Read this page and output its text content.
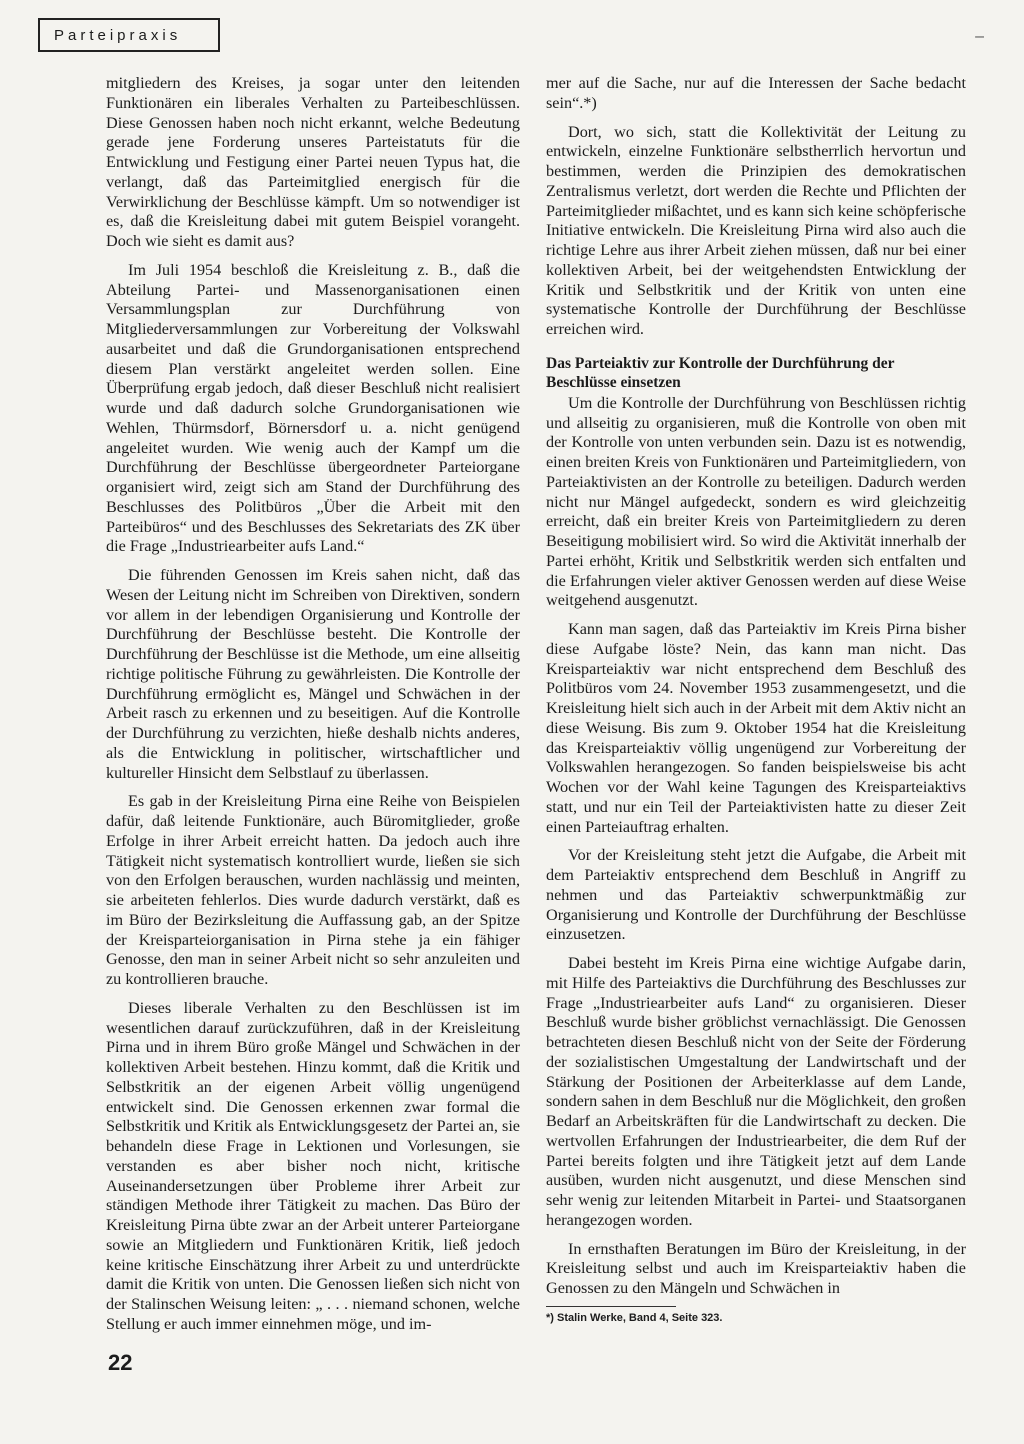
Parteipraxis	–

mitgliedern des Kreises, ja sogar unter den leitenden Funktionären ein liberales Verhalten zu Parteibeschlüssen. Diese Genossen haben noch nicht erkannt, welche Bedeutung gerade jene Forderung unseres Parteistatuts für die Entwicklung und Festigung einer Partei neuen Typus hat, die verlangt, daß das Parteimitglied energisch für die Verwirklichung der Beschlüsse kämpft. Um so notwendiger ist es, daß die Kreisleitung dabei mit gutem Beispiel vorangeht. Doch wie sieht es damit aus?

Im Juli 1954 beschloß die Kreisleitung z. B., daß die Abteilung Partei- und Massenorganisationen einen Versammlungsplan zur Durchführung von Mitgliederversammlungen zur Vorbereitung der Volkswahl ausarbeitet und daß die Grundorganisationen entsprechend diesem Plan verstärkt angeleitet werden sollen. Eine Überprüfung ergab jedoch, daß dieser Beschluß nicht realisiert wurde und daß dadurch solche Grundorganisationen wie Wehlen, Thürmsdorf, Börnersdorf u. a. nicht genügend angeleitet wurden. Wie wenig auch der Kampf um die Durchführung der Beschlüsse übergeordneter Parteiorgane organisiert wird, zeigt sich am Stand der Durchführung des Beschlusses des Politbüros „Über die Arbeit mit den Parteibüros“ und des Beschlusses des Sekretariats des ZK über die Frage „Industriearbeiter aufs Land.“

Die führenden Genossen im Kreis sahen nicht, daß das Wesen der Leitung nicht im Schreiben von Direktiven, sondern vor allem in der lebendigen Organisierung und Kontrolle der Durchführung der Beschlüsse besteht. Die Kontrolle der Durchführung der Beschlüsse ist die Methode, um eine allseitig richtige politische Führung zu gewährleisten. Die Kontrolle der Durchführung ermöglicht es, Mängel und Schwächen in der Arbeit rasch zu erkennen und zu beseitigen. Auf die Kontrolle der Durchführung zu verzichten, hieße deshalb nichts anderes, als die Entwicklung in politischer, wirtschaftlicher und kultureller Hinsicht dem Selbstlauf zu überlassen.

Es gab in der Kreisleitung Pirna eine Reihe von Beispielen dafür, daß leitende Funktionäre, auch Büromitglieder, große Erfolge in ihrer Arbeit erreicht hatten. Da jedoch auch ihre Tätigkeit nicht systematisch kontrolliert wurde, ließen sie sich von den Erfolgen berauschen, wurden nachlässig und meinten, sie arbeiteten fehlerlos. Dies wurde dadurch verstärkt, daß es im Büro der Bezirksleitung die Auffassung gab, an der Spitze der Kreisparteiorganisation in Pirna stehe ja ein fähiger Genosse, den man in seiner Arbeit nicht so sehr anzuleiten und zu kontrollieren brauche.

Dieses liberale Verhalten zu den Beschlüssen ist im wesentlichen darauf zurückzuführen, daß in der Kreisleitung Pirna und in ihrem Büro große Mängel und Schwächen in der kollektiven Arbeit bestehen. Hinzu kommt, daß die Kritik und Selbstkritik an der eigenen Arbeit völlig ungenügend entwickelt sind. Die Genossen erkennen zwar formal die Selbstkritik und Kritik als Entwicklungsgesetz der Partei an, sie behandeln diese Frage in Lektionen und Vorlesungen, sie verstanden es aber bisher noch nicht, kritische Auseinandersetzungen über Probleme ihrer Arbeit zur ständigen Methode ihrer Tätigkeit zu machen. Das Büro der Kreisleitung Pirna übte zwar an der Arbeit unterer Parteiorgane sowie an Mitgliedern und Funktionären Kritik, ließ jedoch keine kritische Einschätzung ihrer Arbeit zu und unterdrückte damit die Kritik von unten. Die Genossen ließen sich nicht von der Stalinschen Weisung leiten: „ . . . niemand schonen, welche Stellung er auch immer einnehmen möge, und im-

mer auf die Sache, nur auf die Interessen der Sache bedacht sein“.*)

Dort, wo sich, statt die Kollektivität der Leitung zu entwickeln, einzelne Funktionäre selbstherrlich hervortun und bestimmen, werden die Prinzipien des demokratischen Zentralismus verletzt, dort werden die Rechte und Pflichten der Parteimitglieder mißachtet, und es kann sich keine schöpferische Initiative entwickeln. Die Kreisleitung Pirna wird also auch die richtige Lehre aus ihrer Arbeit ziehen müssen, daß nur bei einer kollektiven Arbeit, bei der weitgehendsten Entwicklung der Kritik und Selbstkritik und der Kritik von unten eine systematische Kontrolle der Durchführung der Beschlüsse erreichen wird.

Das Parteiaktiv zur Kontrolle der Durchführung der Beschlüsse einsetzen

Um die Kontrolle der Durchführung von Beschlüssen richtig und allseitig zu organisieren, muß die Kontrolle von oben mit der Kontrolle von unten verbunden sein. Dazu ist es notwendig, einen breiten Kreis von Funktionären und Parteimitgliedern, von Parteiaktivisten an der Kontrolle zu beteiligen. Dadurch werden nicht nur Mängel aufgedeckt, sondern es wird gleichzeitig erreicht, daß ein breiter Kreis von Parteimitgliedern zu deren Beseitigung mobilisiert wird. So wird die Aktivität innerhalb der Partei erhöht, Kritik und Selbstkritik werden sich entfalten und die Erfahrungen vieler aktiver Genossen werden auf diese Weise weitgehend ausgenutzt.

Kann man sagen, daß das Parteiaktiv im Kreis Pirna bisher diese Aufgabe löste? Nein, das kann man nicht. Das Kreisparteiaktiv war nicht entsprechend dem Beschluß des Politbüros vom 24. November 1953 zusammengesetzt, und die Kreisleitung hielt sich auch in der Arbeit mit dem Aktiv nicht an diese Weisung. Bis zum 9. Oktober 1954 hat die Kreisleitung das Kreisparteiaktiv völlig ungenügend zur Vorbereitung der Volkswahlen herangezogen. So fanden beispielsweise bis acht Wochen vor der Wahl keine Tagungen des Kreisparteiaktivs statt, und nur ein Teil der Parteiaktivisten hatte zu dieser Zeit einen Parteiauftrag erhalten.

Vor der Kreisleitung steht jetzt die Aufgabe, die Arbeit mit dem Parteiaktiv entsprechend dem Beschluß in Angriff zu nehmen und das Parteiaktiv schwerpunktmäßig zur Organisierung und Kontrolle der Durchführung der Beschlüsse einzusetzen.

Dabei besteht im Kreis Pirna eine wichtige Aufgabe darin, mit Hilfe des Parteiaktivs die Durchführung des Beschlusses zur Frage „Industriearbeiter aufs Land“ zu organisieren. Dieser Beschluß wurde bisher gröblichst vernachlässigt. Die Genossen betrachteten diesen Beschluß nicht von der Seite der Förderung der sozialistischen Umgestaltung der Landwirtschaft und der Stärkung der Positionen der Arbeiterklasse auf dem Lande, sondern sahen in dem Beschluß nur die Möglichkeit, den großen Bedarf an Arbeitskräften für die Landwirtschaft zu decken. Die wertvollen Erfahrungen der Industriearbeiter, die dem Ruf der Partei bereits folgten und ihre Tätigkeit jetzt auf dem Lande ausüben, wurden nicht ausgenutzt, und diese Menschen sind sehr wenig zur leitenden Mitarbeit in Partei- und Staatsorganen herangezogen worden.

In ernsthaften Beratungen im Büro der Kreisleitung, in der Kreisleitung selbst und auch im Kreisparteiaktiv haben die Genossen zu den Mängeln und Schwächen in

*) Stalin Werke, Band 4, Seite 323.
22
